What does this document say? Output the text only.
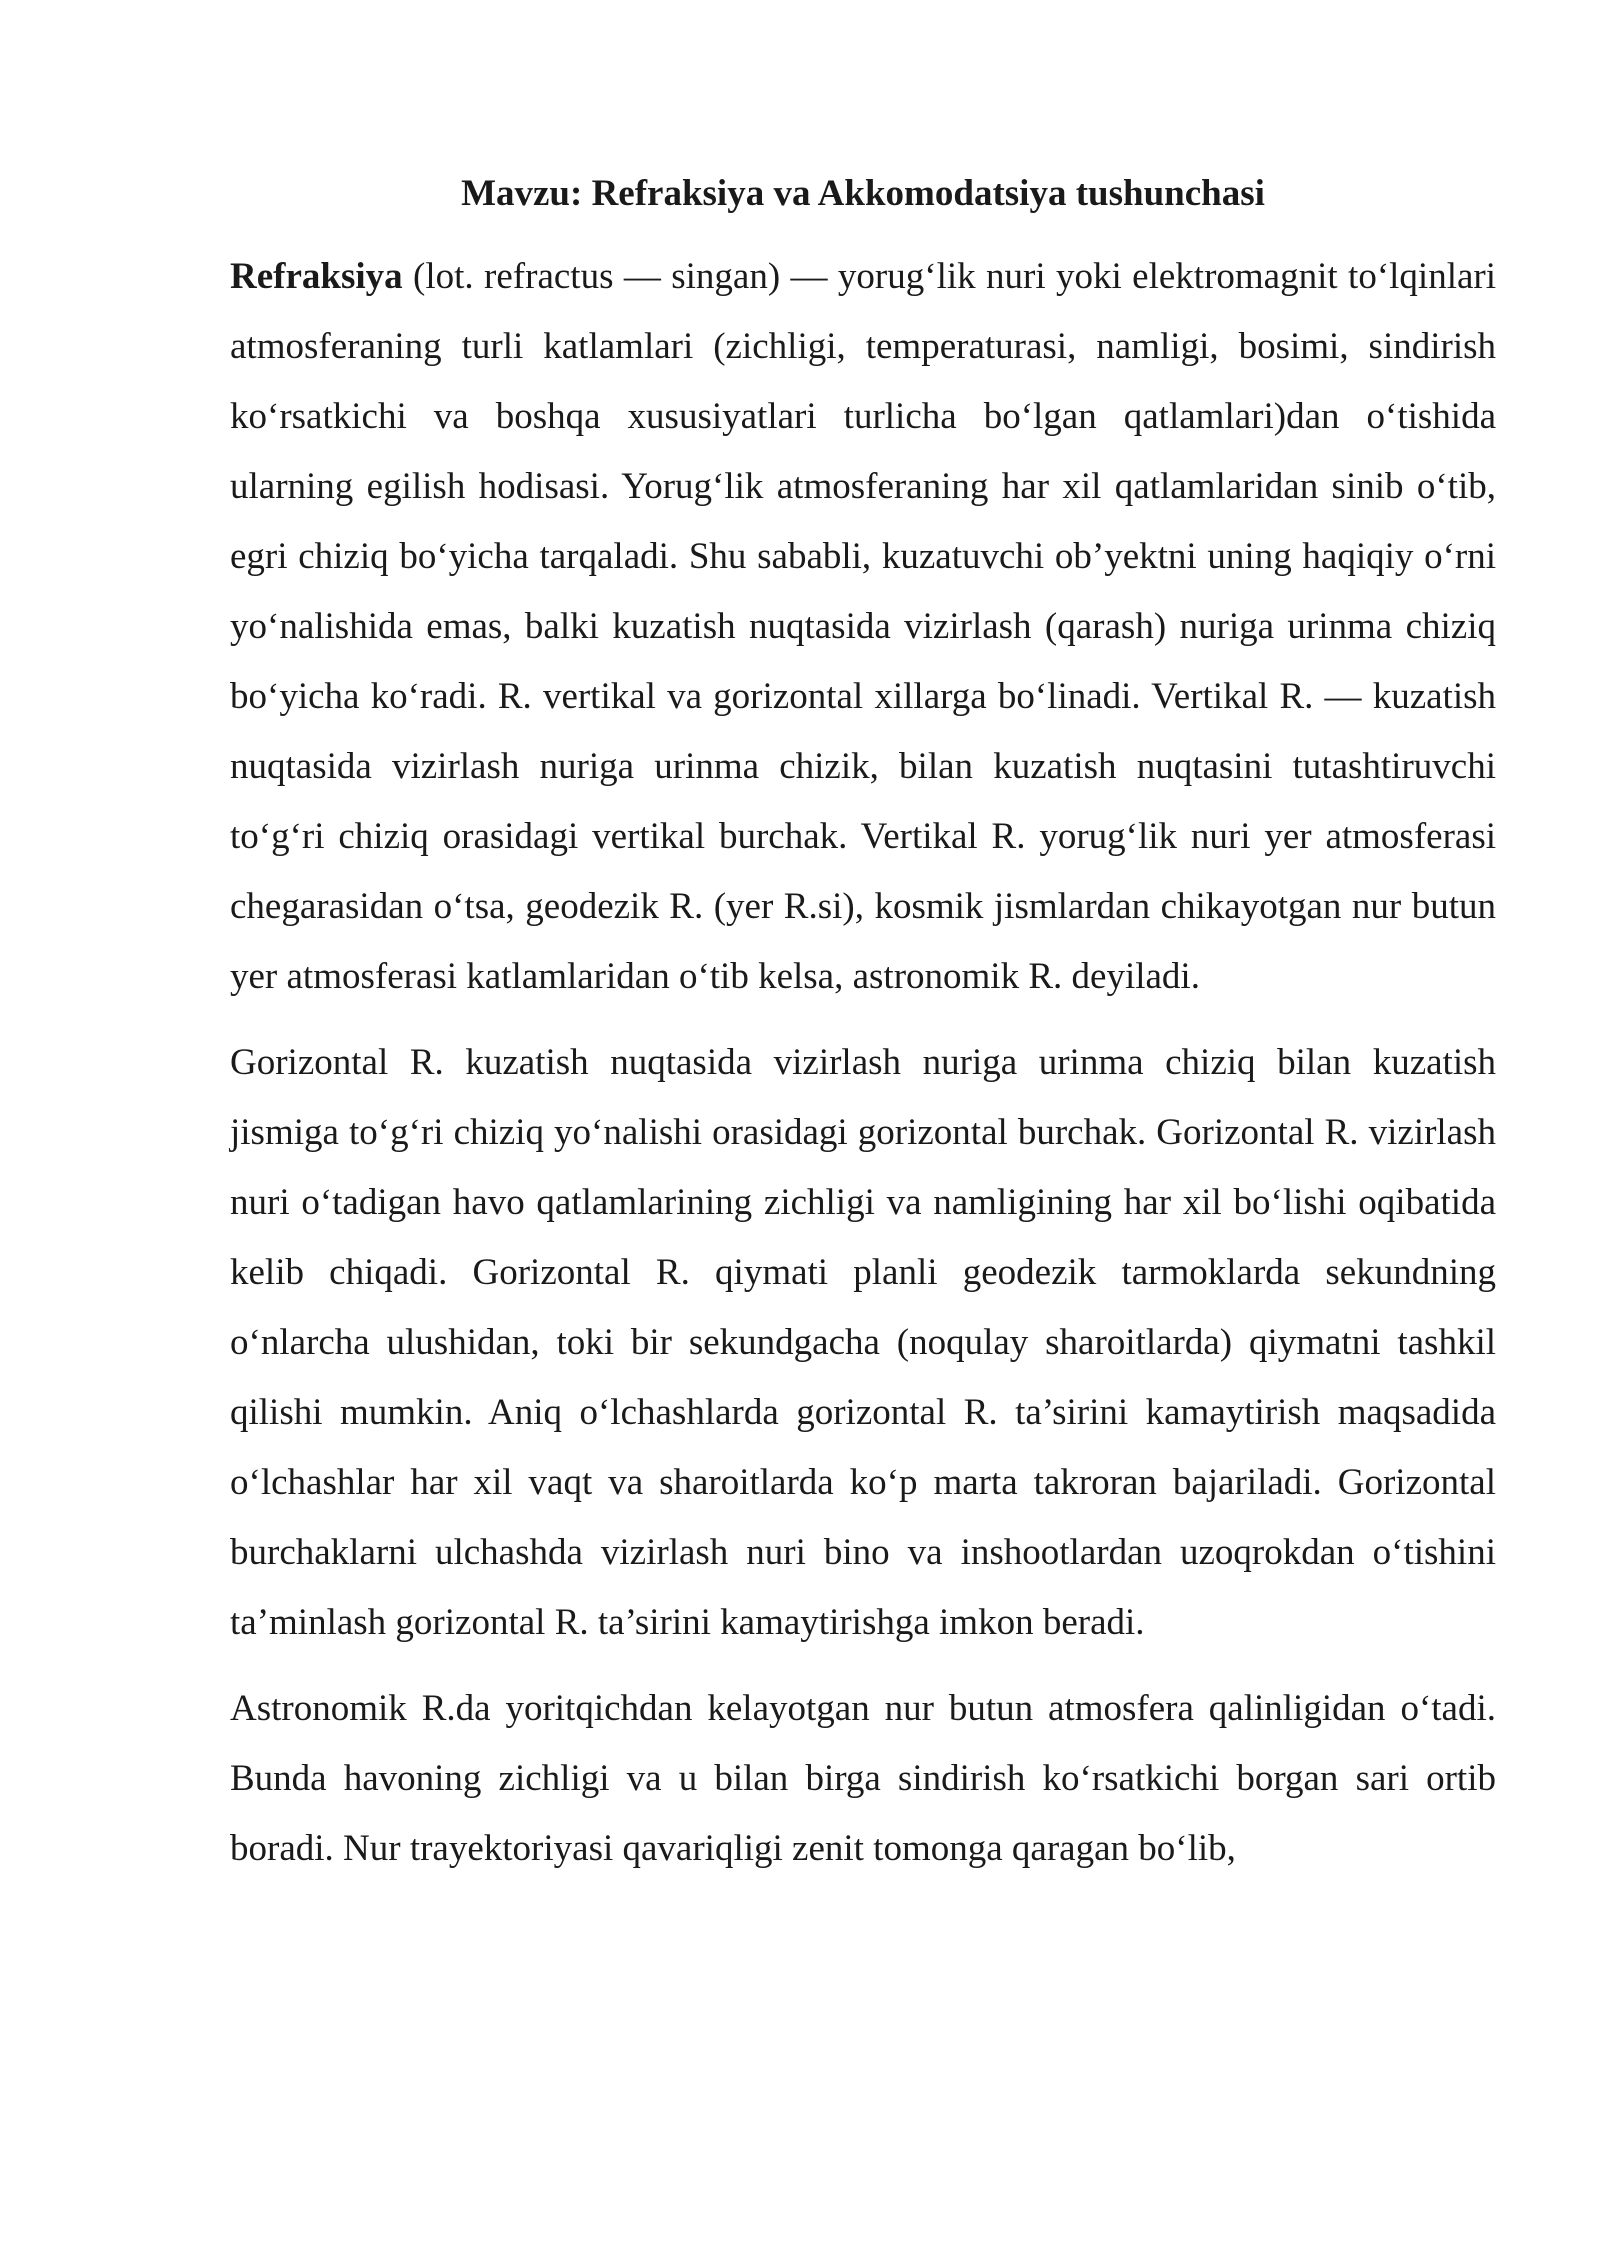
Mavzu: Refraksiya va Akkomodatsiya tushunchasi

Refraksiya (lot. refractus — singan) — yorug‘lik nuri yoki elektromagnit to‘lqinlari atmosferaning turli katlamlari (zichligi, temperaturasi, namligi, bosimi, sindirish ko‘rsatkichi va boshqa xususiyatlari turlicha bo‘lgan qatlamlari)dan o‘tishida ularning egilish hodisasi. Yorug‘lik atmosferaning har xil qatlamlaridan sinib o‘tib, egri chiziq bo‘yicha tarqaladi. Shu sababli, kuzatuvchi ob’yektni uning haqiqiy o‘rni yo‘nalishida emas, balki kuzatish nuqtasida vizirlash (qarash) nuriga urinma chiziq bo‘yicha ko‘radi. R. vertikal va gorizontal xillarga bo‘linadi. Vertikal R. — kuzatish nuqtasida vizirlash nuriga urinma chizik, bilan kuzatish nuqtasini tutashtiruvchi to‘g‘ri chiziq orasidagi vertikal burchak. Vertikal R. yorug‘lik nuri yer atmosferasi chegarasidan o‘tsa, geodezik R. (yer R.si), kosmik jismlardan chikayotgan nur butun yer atmosferasi katlamlaridan o‘tib kelsa, astronomik R. deyiladi.

Gorizontal R. kuzatish nuqtasida vizirlash nuriga urinma chiziq bilan kuzatish jismiga to‘g‘ri chiziq yo‘nalishi orasidagi gorizontal burchak. Gorizontal R. vizirlash nuri o‘tadigan havo qatlamlarining zichligi va namligining har xil bo‘lishi oqibatida kelib chiqadi. Gorizontal R. qiymati planli geodezik tarmoklarda sekundning o‘nlarcha ulushidan, toki bir sekundgacha (noqulay sharoitlarda) qiymatni tashkil qilishi mumkin. Aniq o‘lchashlarda gorizontal R. ta’sirini kamaytirish maqsadida o‘lchashlar har xil vaqt va sharoitlarda ko‘p marta takroran bajariladi. Gorizontal burchaklarni ulchashda vizirlash nuri bino va inshootlardan uzoqrokdan o‘tishini ta’minlash gorizontal R. ta’sirini kamaytirishga imkon beradi.

Astronomik R.da yoritqichdan kelayotgan nur butun atmosfera qalinligidan o‘tadi. Bunda havoning zichligi va u bilan birga sindirish ko‘rsatkichi borgan sari ortib boradi. Nur trayektoriyasi qavariqligi zenit tomonga qaragan bo‘lib,
